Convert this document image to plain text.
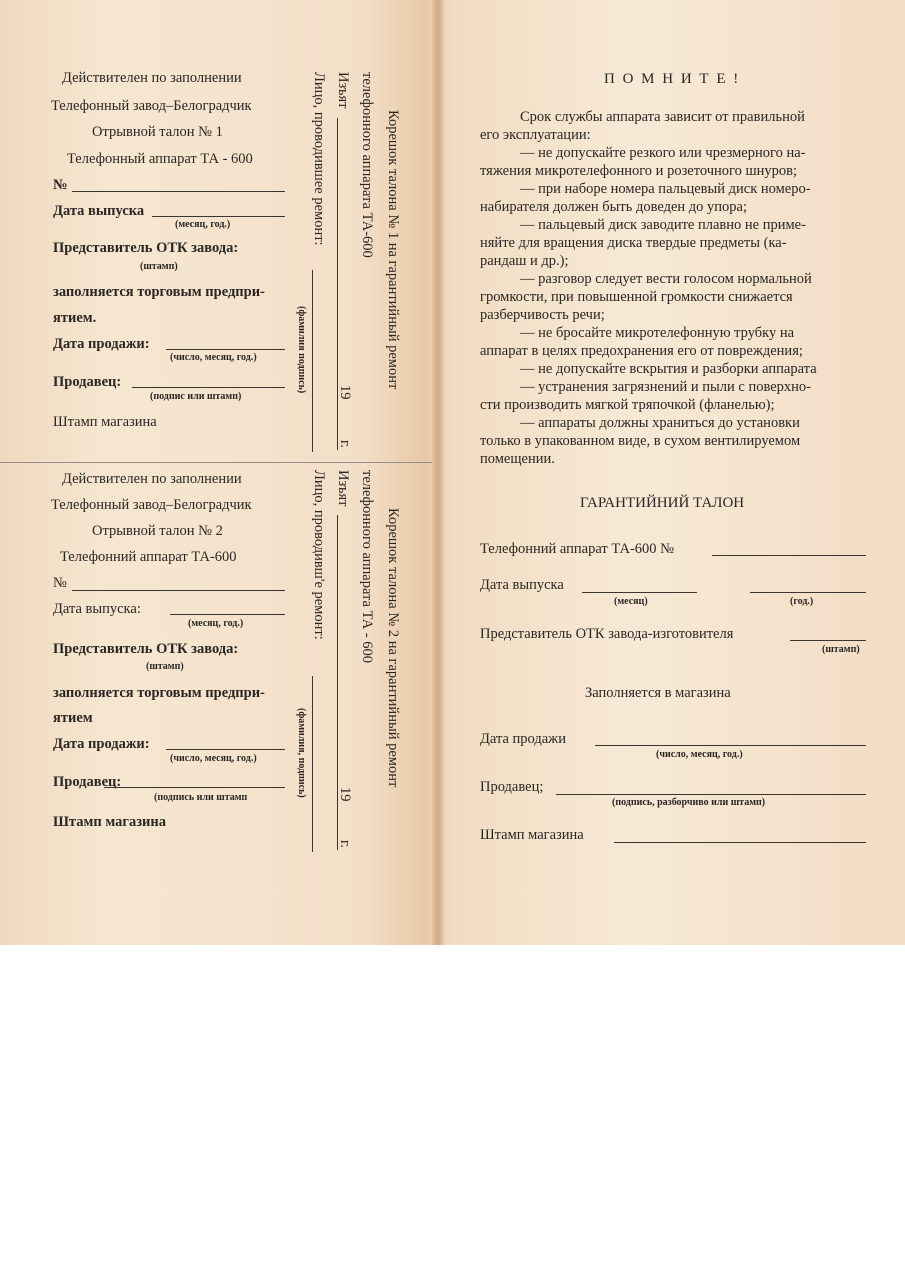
Действителен по заполнении
Телефонный завод–Белоградчик
Отрывной талон № 1
Телефонный аппарат ТА - 600
№
Дата выпуска
(месяц, год.)
Представитель ОТК завода:
(штамп)
заполняется торговым предпри-
ятием.
Дата продажи:
(число, месяц, год.)
Продавец:
(подпис или штамп)
Штамп магазина
Корешок талона № 1 на гарантийный ремонт
телефонного аппарата ТА-600
Изъят
Лицо, проводившее ремонт:
(фамилия подпись) 19
г.
Действителен по заполнении
Телефонный завод–Белоградчик
Отрывной талон № 2
Телефонний аппарат ТА-600
№
Дата выпуска:
(месяц, год.)
Представитель ОТК завода:
(штамп)
заполняется торговым предпри-
ятием
Дата продажи:
(число, месяц, год.)
Продавец:
(подпись или штамп
Штамп магазина
Корешок талона № 2 на гарантийный ремонт
телефонного аппарата ТА - 600
Изъят
Лицо, проводивш'е ремонт:
(фамилия, подпись) 19
г.
П О М Н И Т Е !
Срок службы аппарата зависит от правильной
его эксплуатации:
— не допускайте резкого или чрезмерного на-
тяжения микротелефонного и розеточного шнуров;
— при наборе номера пальцевый диск номеро-
набирателя должен быть доведен до упора;
— пальцевый диск заводите плавно не приме-
няйте для вращения диска твердые предметы (ка-
рандаш и др.);
— разговор следует вести голосом нормальной
громкости, при повышенной громкости снижается
разберчивость речи;
— не бросайте микротелефонную трубку на
аппарат в целях предохранения его от повреждения;
— не допускайте вскрытия и разборки аппарата
— устранения загрязнений и пыли с поверхно-
сти производить мягкой тряпочкой (фланелью);
— аппараты должны храниться до установки
только в упакованном виде, в сухом вентилируемом
помещении.
ГАРАНТИЙНИЙ ТАЛОН
Телефонний аппарат ТА-600 №
Дата выпуска
(месяц)	(год.)
Представитель ОТК завода-изготовителя
(штамп)
Заполняется в магазина
Дата продажи
(число, месяц, год.)
Продавец;
(подпись, разборчиво или штамп)
Штамп магазина
